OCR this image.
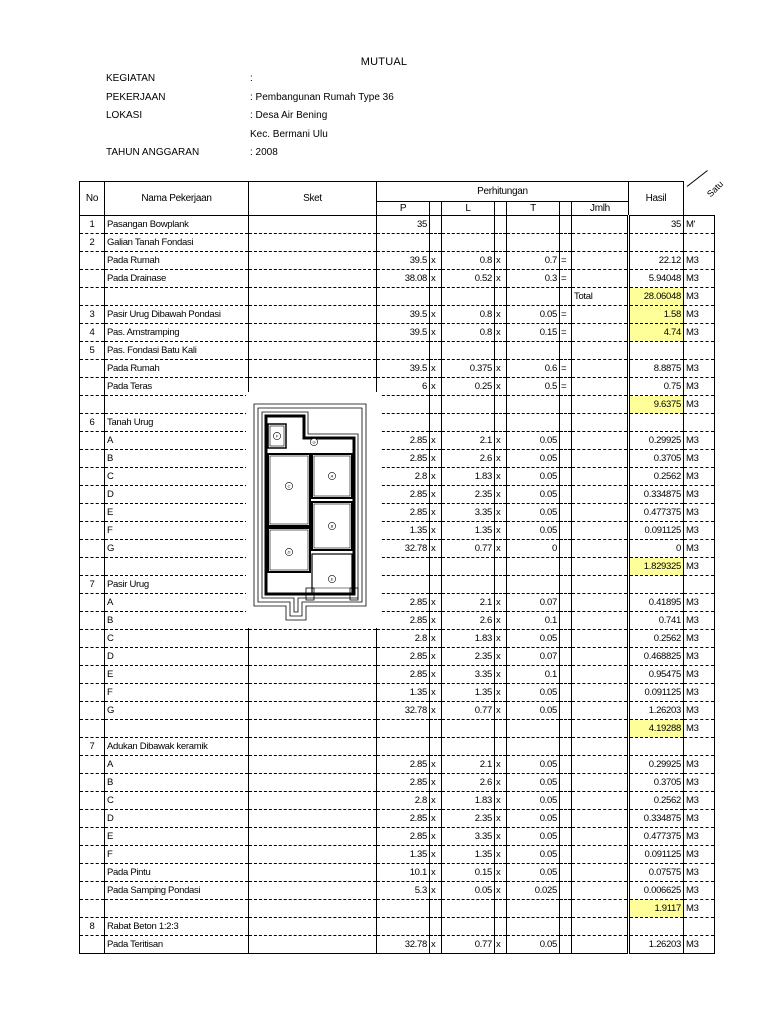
MUTUAL
KEGIATAN	:
PEKERJAAN	: Pembangunan Rumah Type 36
LOKASI	: Desa Air Bening
Kec. Bermani Ulu
TAHUN ANGGARAN	: 2008
No	Nama Pekerjaan	Sket	Perhitungan							Hasil	
			P		L		T		Jmlh		
1	Pasangan Bowplank		35							35	M'
2	Galian Tanah Fondasi										
	Pada Rumah		39.5	x	0.8	x	0.7	=		22.12	M3
	Pada Drainase		38.08	x	0.52	x	0.3	=		5.94048	M3
									Total	28.06048	M3
3	Pasir Urug Dibawah Pondasi		39.5	x	0.8	x	0.05	=		1.58	M3
4	Pas. Amstramping		39.5	x	0.8	x	0.15	=		4.74	M3
5	Pas. Fondasi Batu Kali										
	Pada Rumah		39.5	x	0.375	x	0.6	=		8.8875	M3
	Pada Teras		6	x	0.25	x	0.5	=		0.75	M3
										9.6375	M3
6	Tanah Urug										
	A		2.85	x	2.1	x	0.05			0.29925	M3
	B		2.85	x	2.6	x	0.05			0.3705	M3
	C		2.8	x	1.83	x	0.05			0.2562	M3
	D		2.85	x	2.35	x	0.05			0.334875	M3
	E		2.85	x	3.35	x	0.05			0.477375	M3
	F		1.35	x	1.35	x	0.05			0.091125	M3
	G		32.78	x	0.77	x	0			0	M3
										1.829325	M3
7	Pasir Urug										
	A		2.85	x	2.1	x	0.07			0.41895	M3
	B		2.85	x	2.6	x	0.1			0.741	M3
	C		2.8	x	1.83	x	0.05			0.2562	M3
	D		2.85	x	2.35	x	0.07			0.468825	M3
	E		2.85	x	3.35	x	0.1			0.95475	M3
	F		1.35	x	1.35	x	0.05			0.091125	M3
	G		32.78	x	0.77	x	0.05			1.26203	M3
										4.19288	M3
7	Adukan Dibawak keramik										
	A		2.85	x	2.1	x	0.05			0.29925	M3
	B		2.85	x	2.6	x	0.05			0.3705	M3
	C		2.8	x	1.83	x	0.05			0.2562	M3
	D		2.85	x	2.35	x	0.05			0.334875	M3
	E		2.85	x	3.35	x	0.05			0.477375	M3
	F		1.35	x	1.35	x	0.05			0.091125	M3
	Pada Pintu		10.1	x	0.15	x	0.05			0.07575	M3
	Pada Samping Pondasi		5.3	x	0.05	x	0.025			0.006625	M3
										1.9117	M3
8	Rabat Beton 1:2:3										
	Pada Teritisan		32.78	x	0.77	x	0.05			1.26203	M3
Satu
F
G
A
C
B
D
E
